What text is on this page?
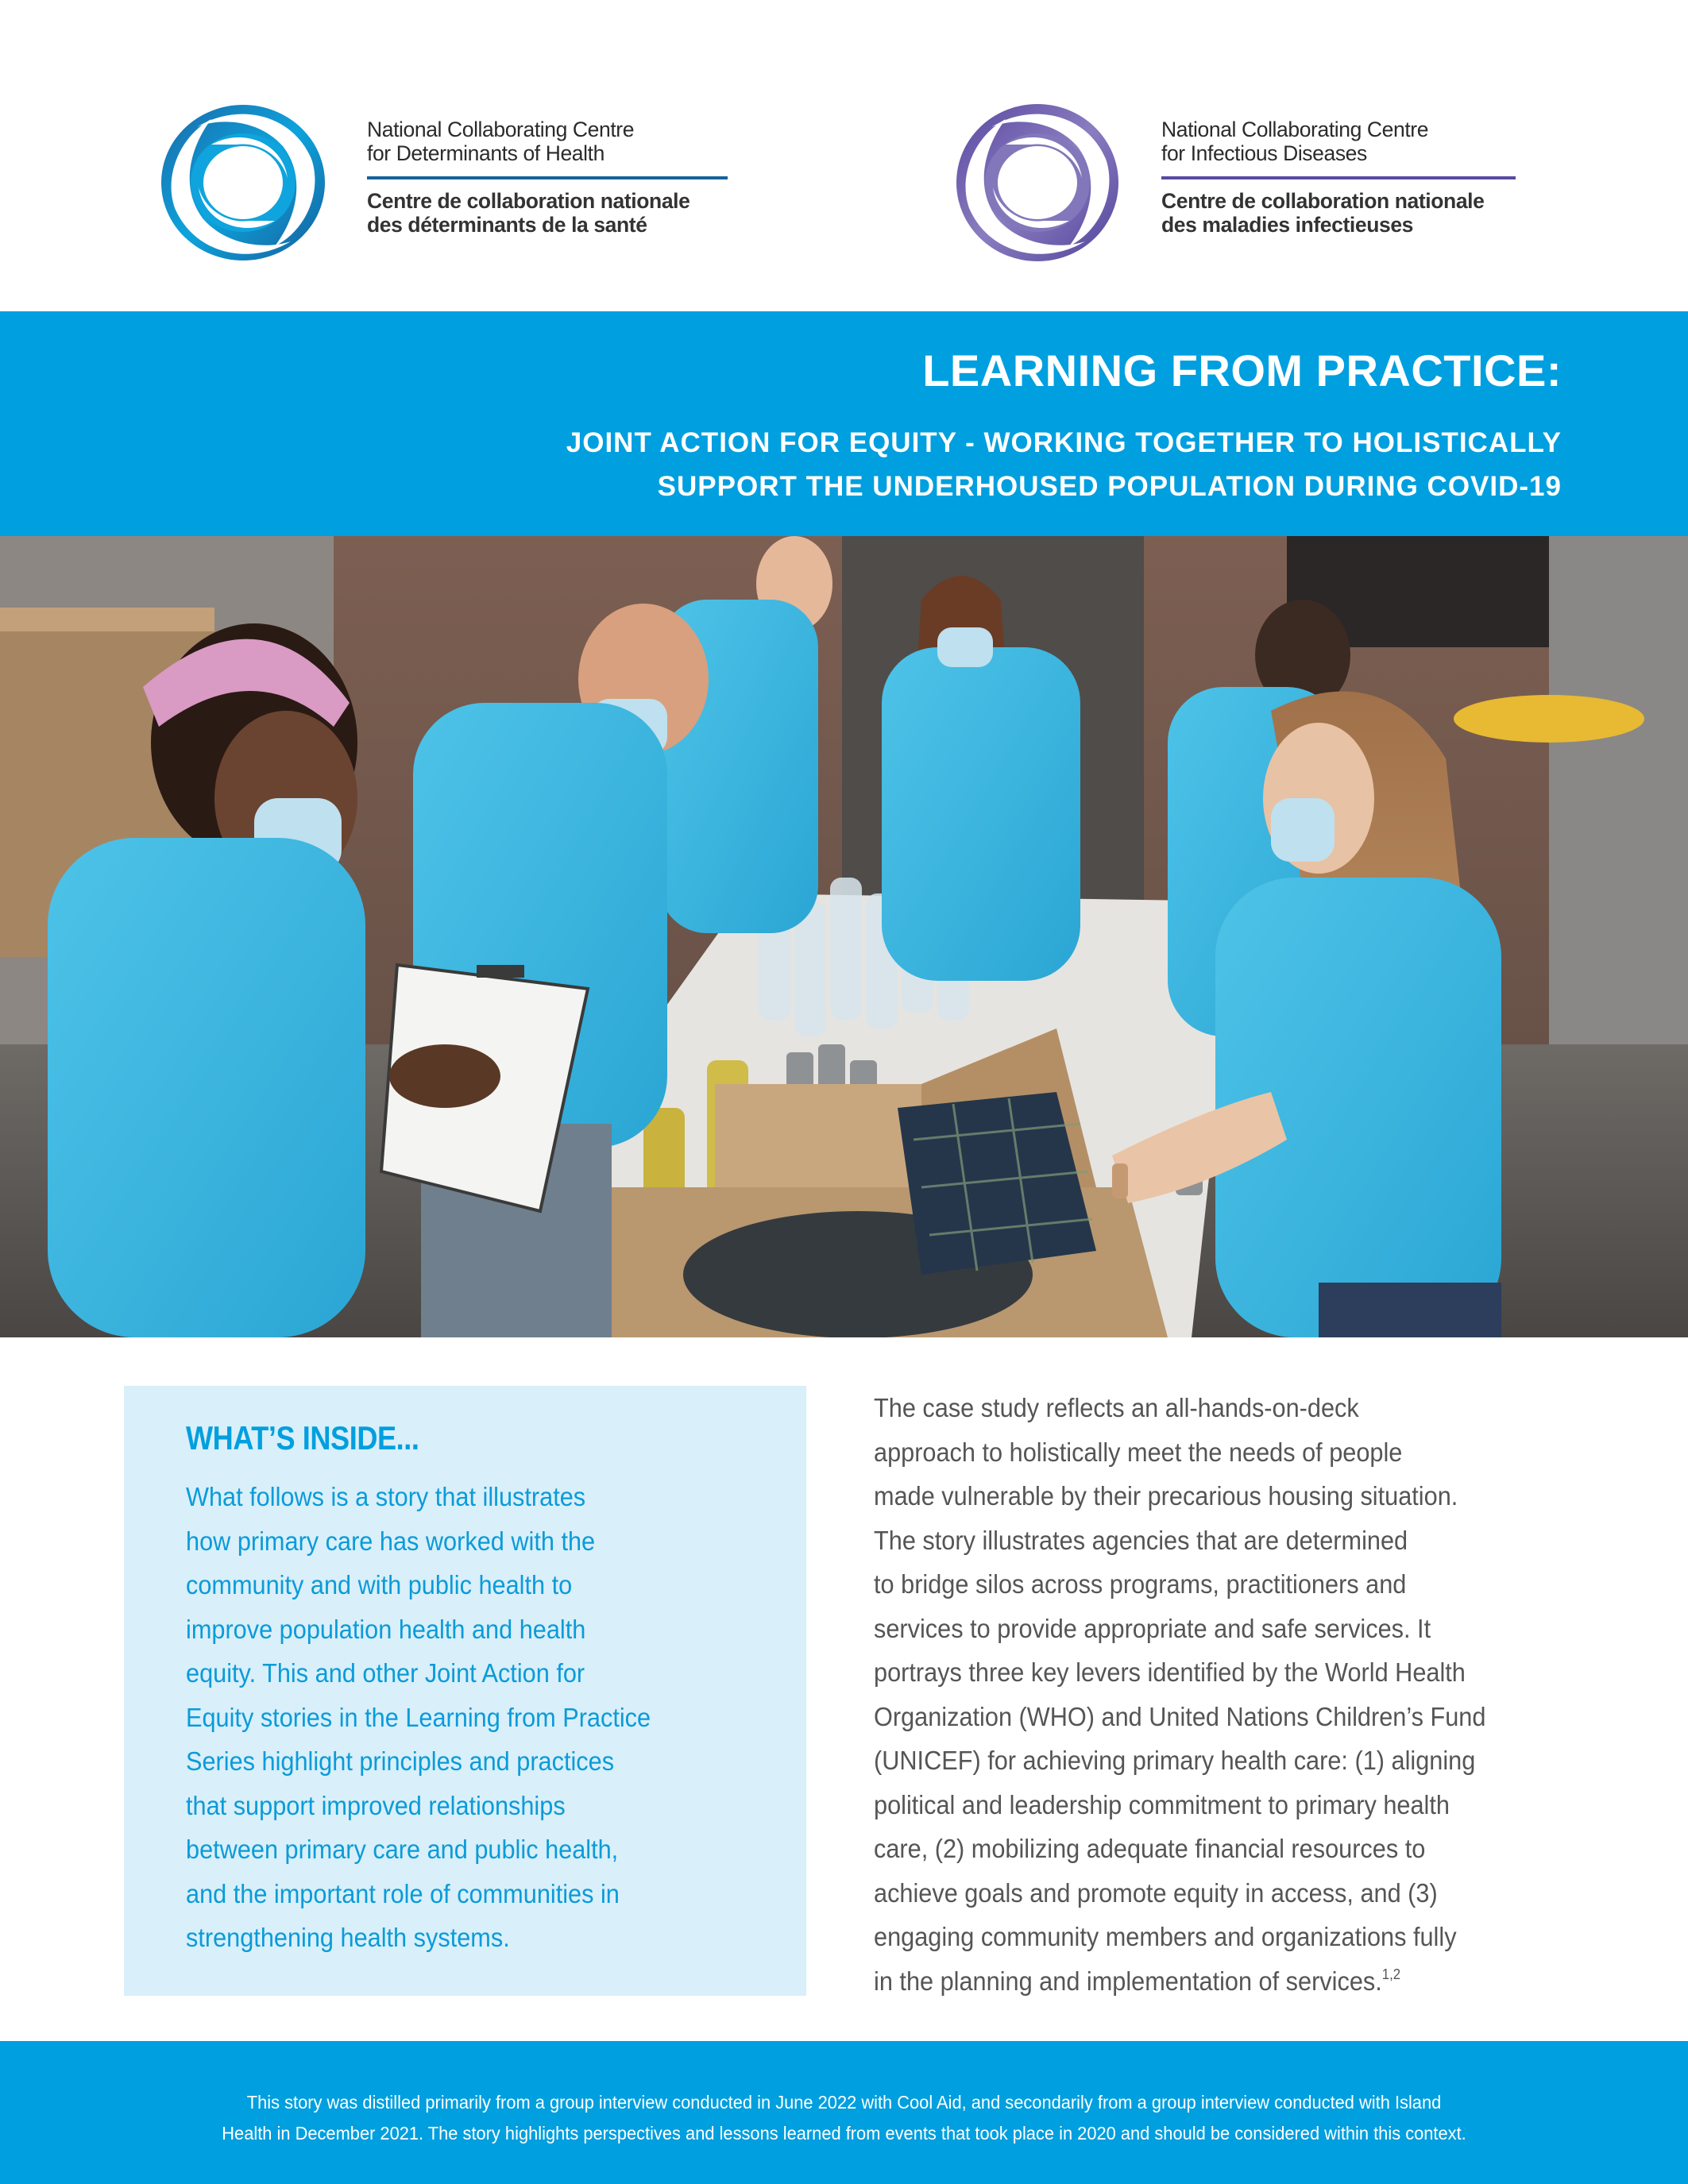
National Collaborating Centre
for Determinants of Health
Centre de collaboration nationale
des déterminants de la santé
National Collaborating Centre
for Infectious Diseases
Centre de collaboration nationale
des maladies infectieuses
LEARNING FROM PRACTICE:
JOINT ACTION FOR EQUITY - WORKING TOGETHER TO HOLISTICALLY
SUPPORT THE UNDERHOUSED POPULATION DURING COVID-19
WHAT’S INSIDE...
What follows is a story that illustrates
how primary care has worked with the
community and with public health to
improve population health and health
equity. This and other Joint Action for
Equity stories in the Learning from Practice
Series highlight principles and practices
that support improved relationships
between primary care and public health,
and the important role of communities in
strengthening health systems.
The case study reflects an all-hands-on-deck
approach to holistically meet the needs of people
made vulnerable by their precarious housing situation.
The story illustrates agencies that are determined
to bridge silos across programs, practitioners and
services to provide appropriate and safe services. It
portrays three key levers identified by the World Health
Organization (WHO) and United Nations Children’s Fund
(UNICEF) for achieving primary health care: (1) aligning
political and leadership commitment to primary health
care, (2) mobilizing adequate financial resources to
achieve goals and promote equity in access, and (3)
engaging community members and organizations fully
in the planning and implementation of services.$^{1,2}$
This story was distilled primarily from a group interview conducted in June 2022 with Cool Aid, and secondarily from a group interview conducted with Island
Health in December 2021. The story highlights perspectives and lessons learned from events that took place in 2020 and should be considered within this context.
